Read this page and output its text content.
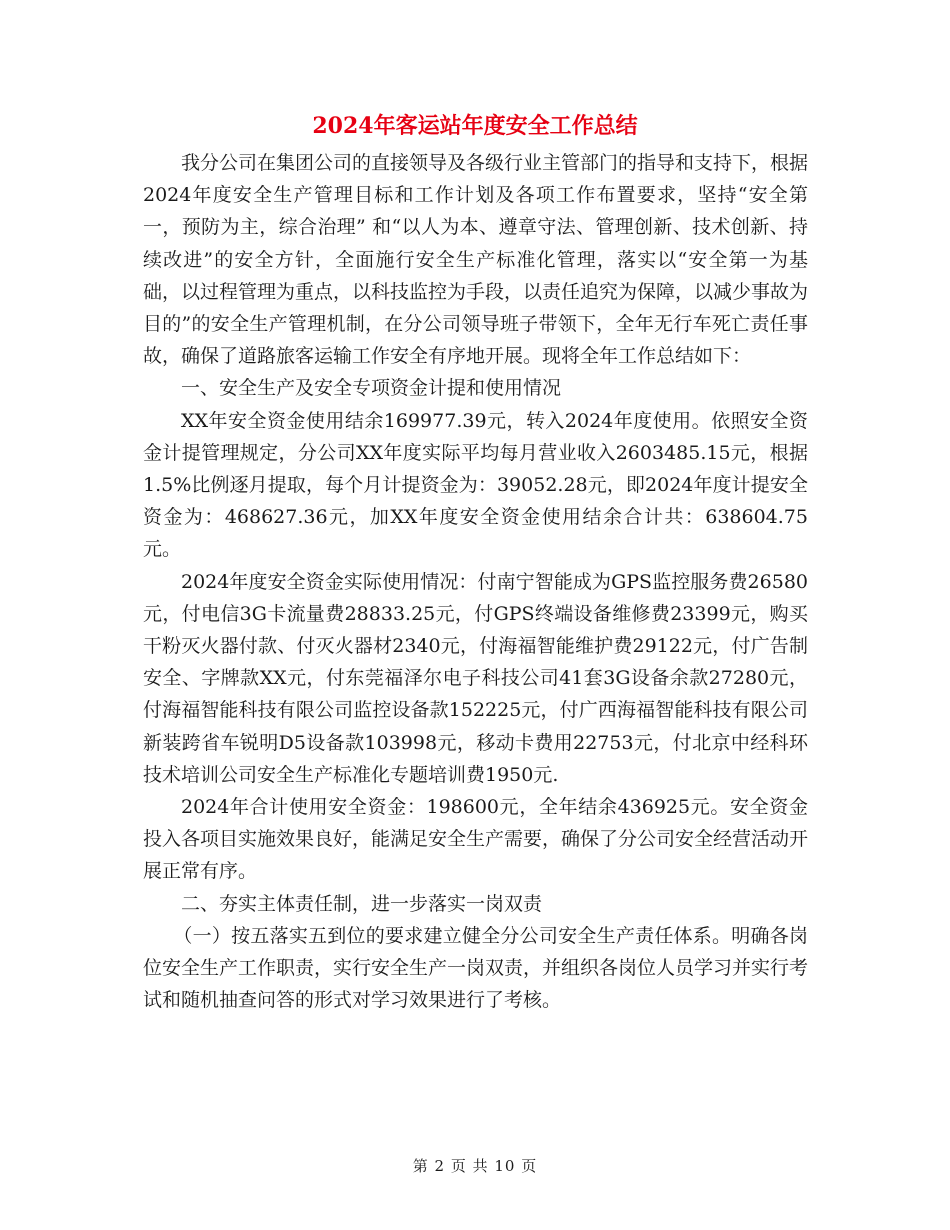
2024年客运站年度安全工作总结

我分公司在集团公司的直接领导及各级行业主管部门的指导和支持下，根据2024年度安全生产管理目标和工作计划及各项工作布置要求，坚持“安全第一，预防为主，综合治理” 和“以人为本、遵章守法、管理创新、技术创新、持续改进”的安全方针，全面施行安全生产标准化管理，落实以“安全第一为基础，以过程管理为重点，以科技监控为手段，以责任追究为保障，以减少事故为目的”的安全生产管理机制，在分公司领导班子带领下，全年无行车死亡责任事故，确保了道路旅客运输工作安全有序地开展。现将全年工作总结如下：

一、安全生产及安全专项资金计提和使用情况

XX年安全资金使用结余169977.39元，转入2024年度使用。依照安全资金计提管理规定，分公司XX年度实际平均每月营业收入2603485.15元，根据1.5%比例逐月提取，每个月计提资金为：39052.28元，即2024年度计提安全资金为：468627.36元，加XX年度安全资金使用结余合计共：638604.75元。

2024年度安全资金实际使用情况：付南宁智能成为GPS监控服务费26580元，付电信3G卡流量费28833.25元，付GPS终端设备维修费23399元，购买干粉灭火器付款、付灭火器材2340元，付海福智能维护费29122元，付广告制安全、字牌款XX元，付东莞福泽尔电子科技公司41套3G设备余款27280元，付海福智能科技有限公司监控设备款152225元，付广西海福智能科技有限公司新装跨省车锐明D5设备款103998元，移动卡费用22753元，付北京中经科环技术培训公司安全生产标准化专题培训费1950元.

2024年合计使用安全资金：198600元，全年结余436925元。安全资金投入各项目实施效果良好，能满足安全生产需要，确保了分公司安全经营活动开展正常有序。

二、夯实主体责任制，进一步落实一岗双责

（一）按五落实五到位的要求建立健全分公司安全生产责任体系。明确各岗位安全生产工作职责，实行安全生产一岗双责，并组织各岗位人员学习并实行考试和随机抽查问答的形式对学习效果进行了考核。

第 2 页 共 10 页
